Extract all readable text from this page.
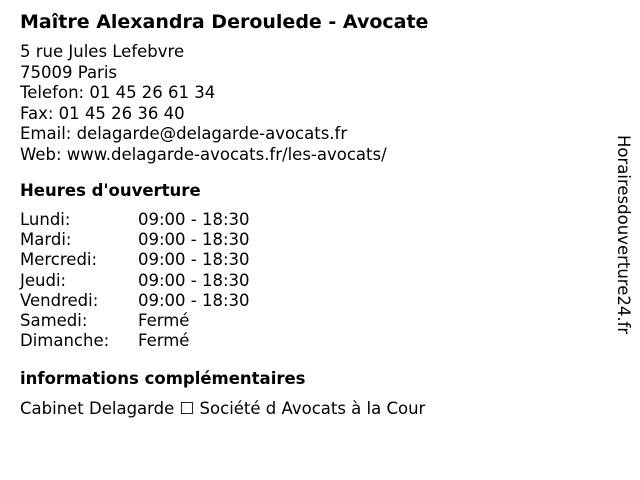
Maître Alexandra Deroulede - Avocate
5 rue Jules Lefebvre
75009 Paris
Telefon: 01 45 26 61 34
Fax: 01 45 26 36 40
Email: delagarde@delagarde-avocats.fr
Web: www.delagarde-avocats.fr/les-avocats/
Heures d'ouverture
Lundi:	09:00 - 18:30
Mardi:	09:00 - 18:30
Mercredi:	09:00 - 18:30
Jeudi:	09:00 - 18:30
Vendredi:	09:00 - 18:30
Samedi:	Fermé
Dimanche:	Fermé
informations complémentaires
Cabinet Delagarde ☐ Société d Avocats à la Cour
Horairesdouverture24.fr
